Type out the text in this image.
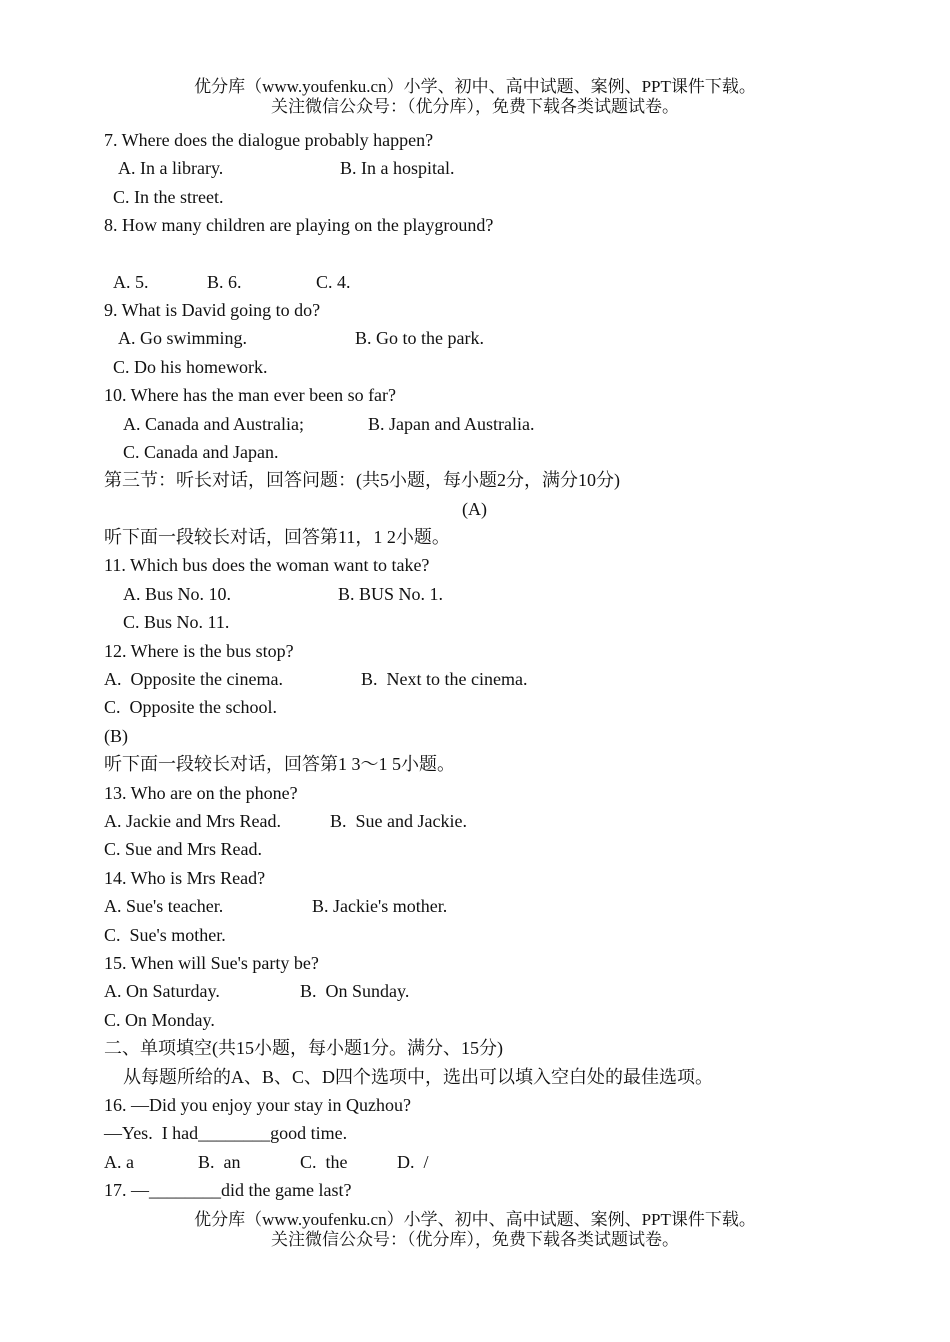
优分库（www.youfenku.cn）小学、初中、高中试题、案例、PPT课件下载。
关注微信公众号：（优分库），免费下载各类试题试卷。
7. Where does the dialogue probably happen?

A. In a library.

	B. In a hospital.

C. In the street.

8. How many children are playing on the playground?

A. 5.

	B. 6.

	C. 4.

9. What is David going to do?

A. Go swimming.

	B. Go to the park.

C. Do his homework.

10. Where has the man ever been so far?

A. Canada and Australia;

	B. Japan and Australia.

C. Canada and Japan.

第三节：听长对话，回答问题：(共5小题，每小题2分，满分10分)

(A)

听下面一段较长对话，回答第11，1 2小题。
11. Which bus does the woman want to take?

A. Bus No. 10.

	B. BUS No. 1.

C. Bus No. 11.

12. Where is the bus stop?

A.  Opposite the cinema.

	B.  Next to the cinema.

C.  Opposite the school.
(B)
听下面一段较长对话，回答第1 3～1 5小题。
13. Who are on the phone?

A. Jackie and Mrs Read.

	B.  Sue and Jackie.

C. Sue and Mrs Read.
14. Who is Mrs Read?

A. Sue's teacher.

	B. Jackie's mother.

C.  Sue's mother.
15. When will Sue's party be?

A. On Saturday.

	B.  On Sunday.

C. On Monday.
二、单项填空(共15小题，每小题1分。满分、15分)

从每题所给的A、B、C、D四个选项中，选出可以填入空白处的最佳选项。

16. —Did you enjoy your stay in Quzhou?
—Yes.  I had________good time.

A. a

	B.  an

	C.  the

	D.  /

17. —________did the game last?
优分库（www.youfenku.cn）小学、初中、高中试题、案例、PPT课件下载。
关注微信公众号：（优分库），免费下载各类试题试卷。
